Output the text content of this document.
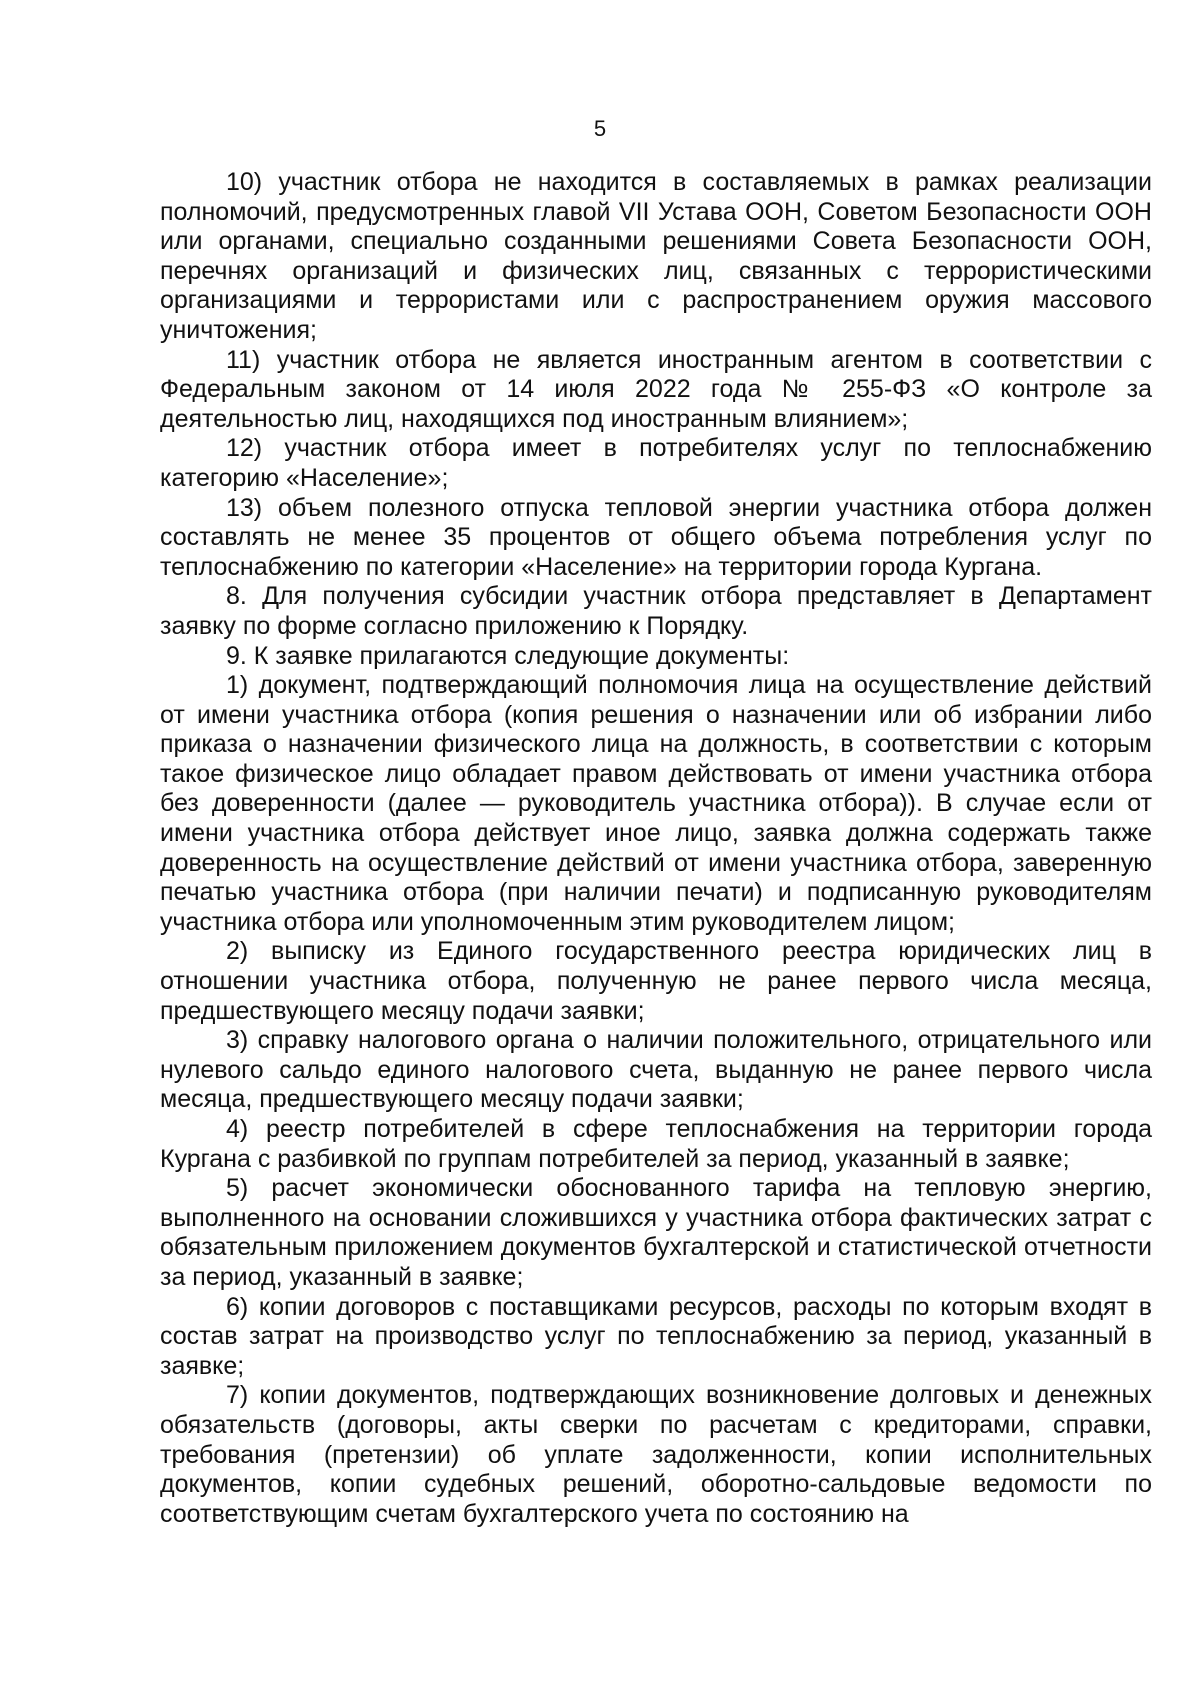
5

10) участник отбора не находится в составляемых в рамках реализации полномочий, предусмотренных главой VII Устава ООН, Советом Безопасности ООН или органами, специально созданными решениями Совета Безопасности ООН, перечнях организаций и физических лиц, связанных с террористическими организациями и террористами или с распространением оружия массового уничтожения;

11) участник отбора не является иностранным агентом в соответствии с Федеральным законом от 14 июля 2022 года № 255-ФЗ «О контроле за деятельностью лиц, находящихся под иностранным влиянием»;

12) участник отбора имеет в потребителях услуг по теплоснабжению категорию «Население»;

13) объем полезного отпуска тепловой энергии участника отбора должен составлять не менее 35 процентов от общего объема потребления услуг по теплоснабжению по категории «Население» на территории города Кургана.

8. Для получения субсидии участник отбора представляет в Департамент заявку по форме согласно приложению к Порядку.

9. К заявке прилагаются следующие документы:

1) документ, подтверждающий полномочия лица на осуществление действий от имени участника отбора (копия решения о назначении или об избрании либо приказа о назначении физического лица на должность, в соответствии с которым такое физическое лицо обладает правом действовать от имени участника отбора без доверенности (далее — руководитель участника отбора)). В случае если от имени участника отбора действует иное лицо, заявка должна содержать также доверенность на осуществление действий от имени участника отбора, заверенную печатью участника отбора (при наличии печати) и подписанную руководителям участника отбора или уполномоченным этим руководителем лицом;

2) выписку из Единого государственного реестра юридических лиц в отношении участника отбора, полученную не ранее первого числа месяца, предшествующего месяцу подачи заявки;

3) справку налогового органа о наличии положительного, отрицательного или нулевого сальдо единого налогового счета, выданную не ранее первого числа месяца, предшествующего месяцу подачи заявки;

4) реестр потребителей в сфере теплоснабжения на территории города Кургана с разбивкой по группам потребителей за период, указанный в заявке;

5) расчет экономически обоснованного тарифа на тепловую энергию, выполненного на основании сложившихся у участника отбора фактических затрат с обязательным приложением документов бухгалтерской и статистической отчетности за период, указанный в заявке;

6) копии договоров с поставщиками ресурсов, расходы по которым входят в состав затрат на производство услуг по теплоснабжению за период, указанный в заявке;

7) копии документов, подтверждающих возникновение долговых и денежных обязательств (договоры, акты сверки по расчетам с кредиторами, справки, требования (претензии) об уплате задолженности, копии исполнительных документов, копии судебных решений, оборотно-сальдовые ведомости по соответствующим счетам бухгалтерского учета по состоянию на
